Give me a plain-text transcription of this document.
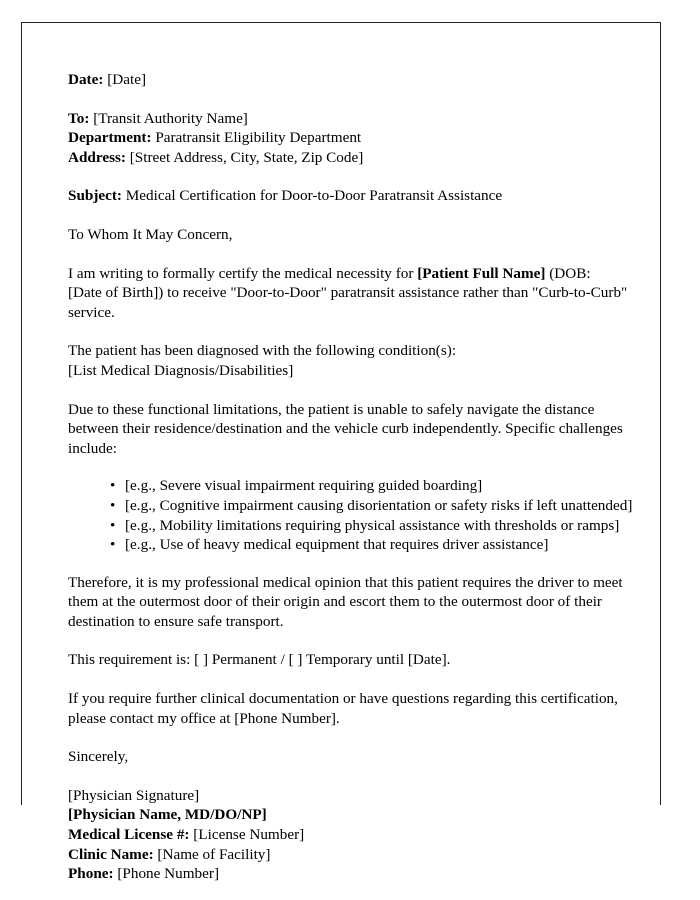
Date: [Date]

To: [Transit Authority Name]

Department: Paratransit Eligibility Department

Address: [Street Address, City, State, Zip Code]

Subject: Medical Certification for Door-to-Door Paratransit Assistance

To Whom It May Concern,

I am writing to formally certify the medical necessity for [Patient Full Name] (DOB: [Date of Birth]) to receive "Door-to-Door" paratransit assistance rather than "Curb-to-Curb" service.

The patient has been diagnosed with the following condition(s):

[List Medical Diagnosis/Disabilities]

Due to these functional limitations, the patient is unable to safely navigate the distance between their residence/destination and the vehicle curb independently. Specific challenges include:

• [e.g., Severe visual impairment requiring guided boarding]
• [e.g., Cognitive impairment causing disorientation or safety risks if left unattended]
• [e.g., Mobility limitations requiring physical assistance with thresholds or ramps]
• [e.g., Use of heavy medical equipment that requires driver assistance]

Therefore, it is my professional medical opinion that this patient requires the driver to meet them at the outermost door of their origin and escort them to the outermost door of their destination to ensure safe transport.

This requirement is: [ ] Permanent / [ ] Temporary until [Date].

If you require further clinical documentation or have questions regarding this certification, please contact my office at [Phone Number].

Sincerely,

[Physician Signature]

[Physician Name, MD/DO/NP]

Medical License #: [License Number]

Clinic Name: [Name of Facility]

Phone: [Phone Number]
